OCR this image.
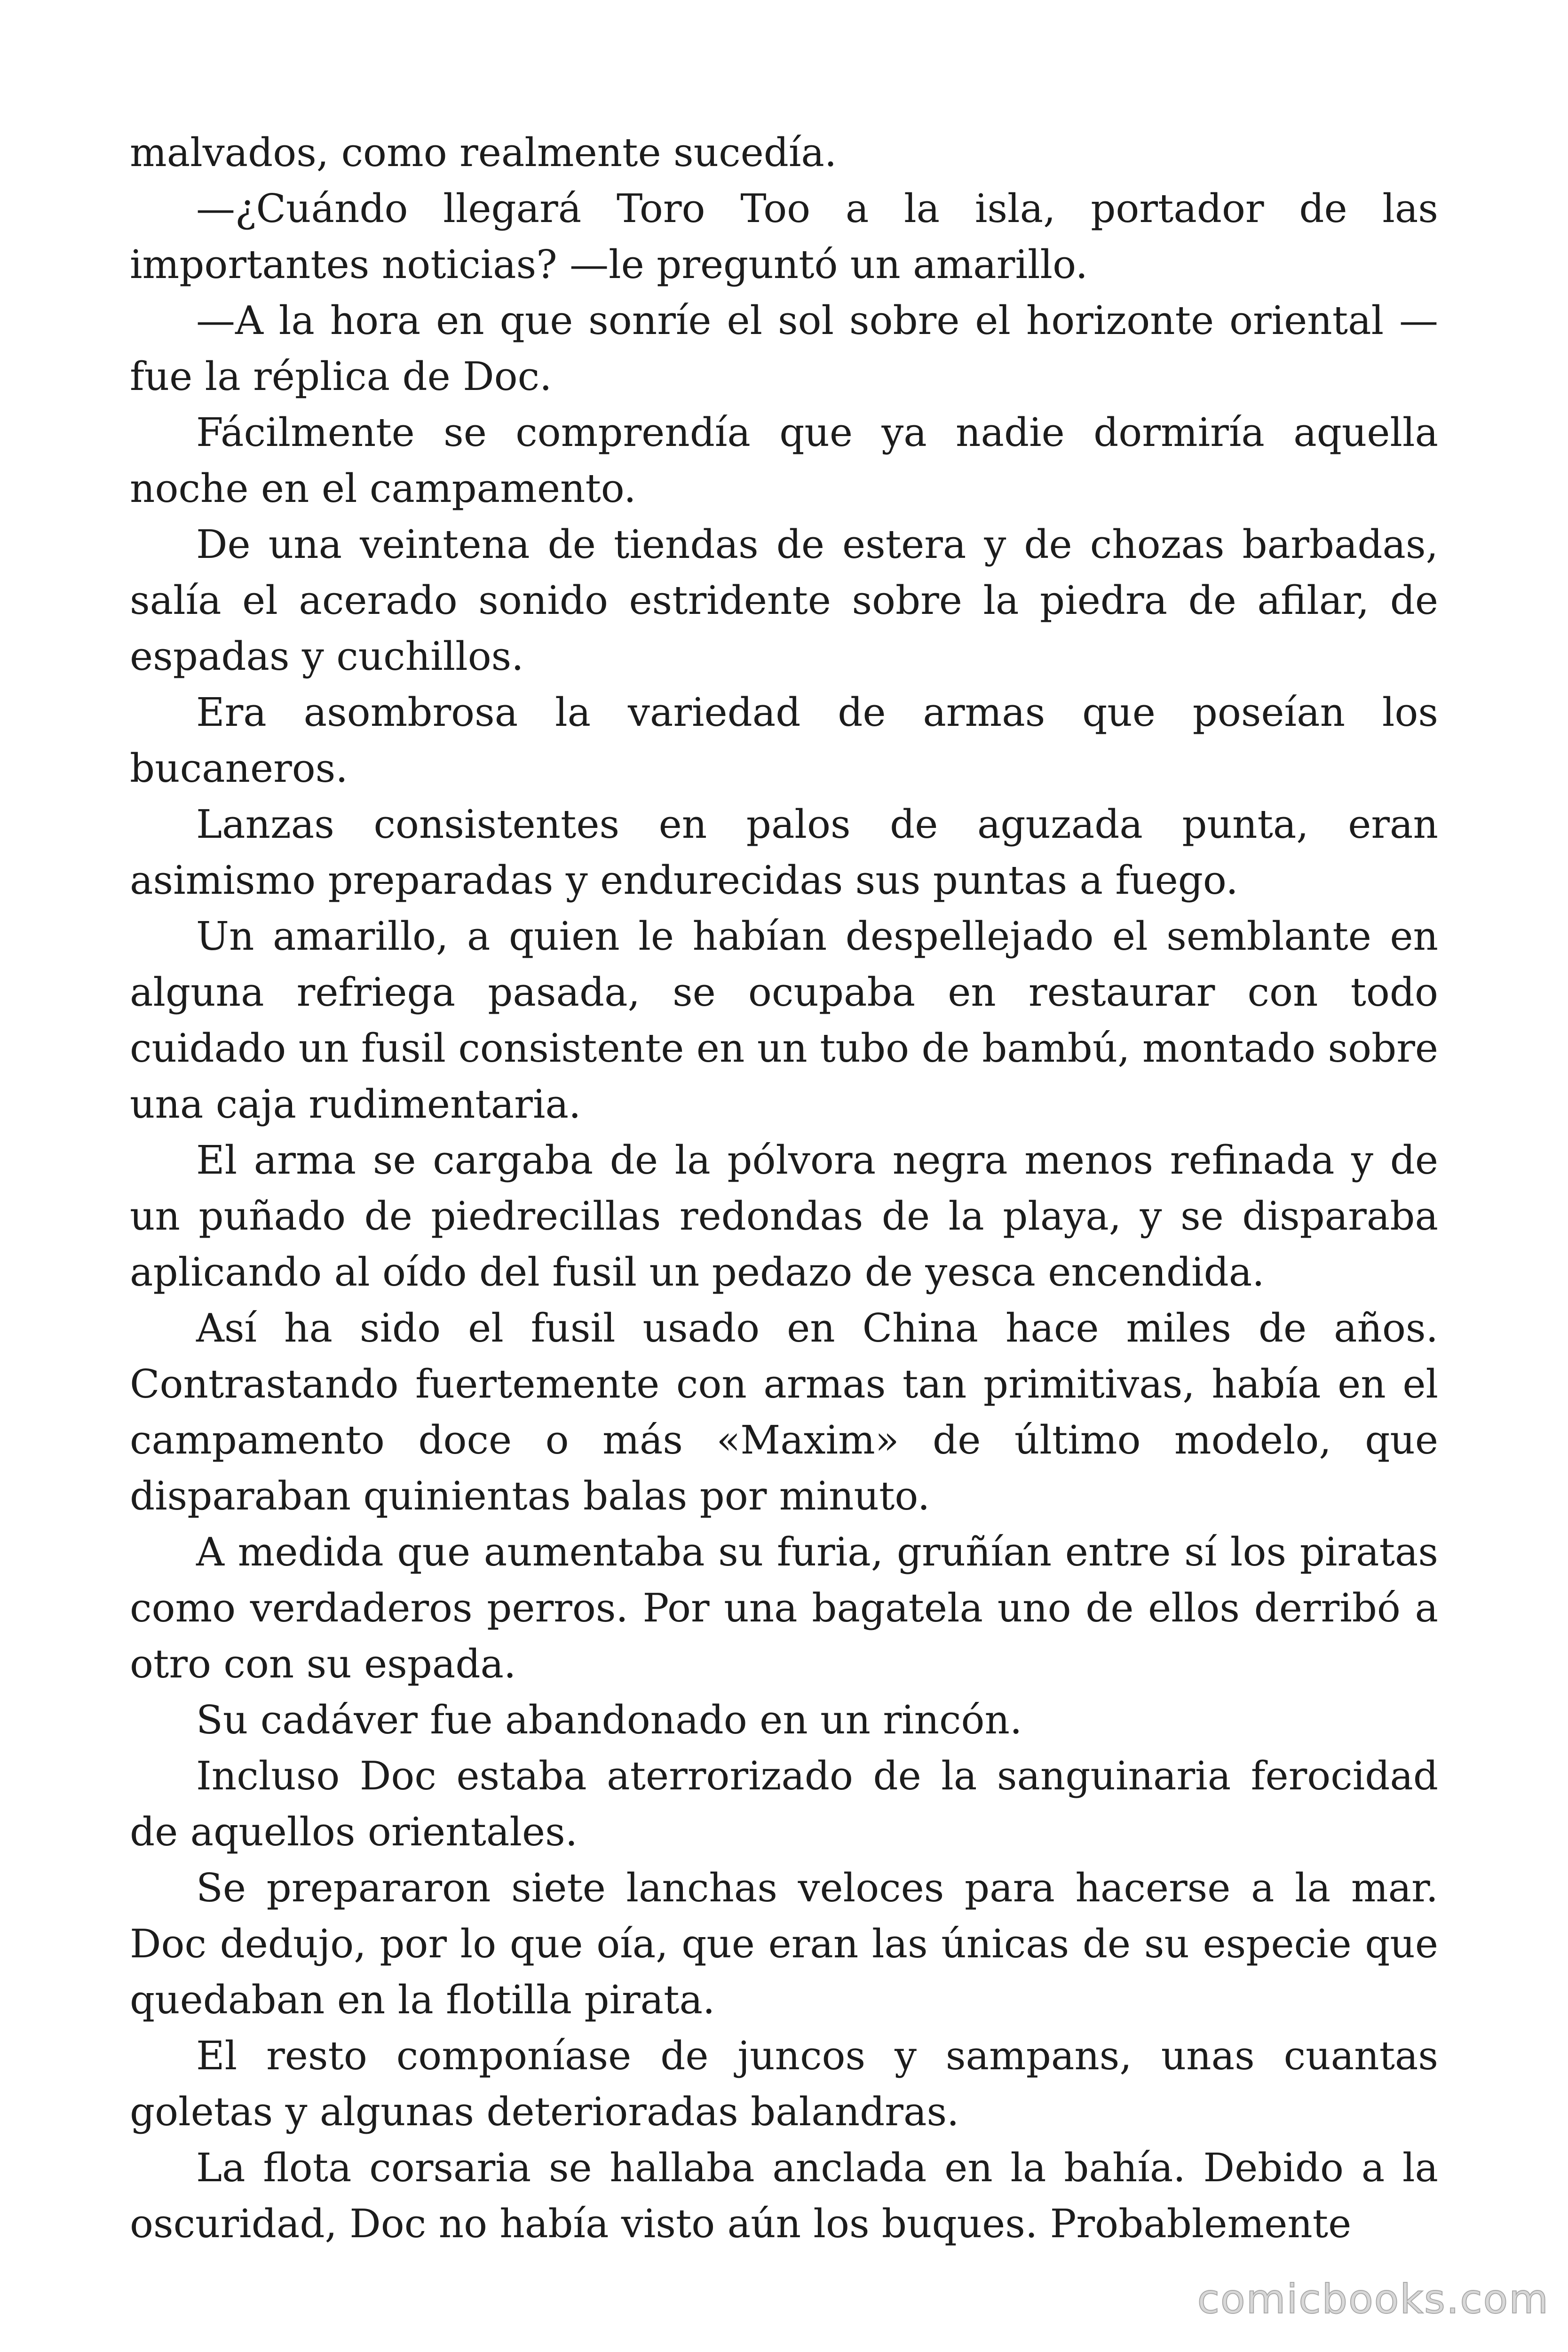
malvados, como realmente sucedía.

—¿Cuándo llegará Toro Too a la isla, portador de las importantes noticias? —le preguntó un amarillo.

—A la hora en que sonríe el sol sobre el horizonte oriental —fue la réplica de Doc.

Fácilmente se comprendía que ya nadie dormiría aquella noche en el campamento.

De una veintena de tiendas de estera y de chozas barbadas, salía el acerado sonido estridente sobre la piedra de afilar, de espadas y cuchillos.

Era asombrosa la variedad de armas que poseían los bucaneros.

Lanzas consistentes en palos de aguzada punta, eran asimismo preparadas y endurecidas sus puntas a fuego.

Un amarillo, a quien le habían despellejado el semblante en alguna refriega pasada, se ocupaba en restaurar con todo cuidado un fusil consistente en un tubo de bambú, montado sobre una caja rudimentaria.

El arma se cargaba de la pólvora negra menos refinada y de un puñado de piedrecillas redondas de la playa, y se disparaba aplicando al oído del fusil un pedazo de yesca encendida.

Así ha sido el fusil usado en China hace miles de años. Contrastando fuertemente con armas tan primitivas, había en el campamento doce o más «Maxim» de último modelo, que disparaban quinientas balas por minuto.

A medida que aumentaba su furia, gruñían entre sí los piratas como verdaderos perros. Por una bagatela uno de ellos derribó a otro con su espada.

Su cadáver fue abandonado en un rincón.

Incluso Doc estaba aterrorizado de la sanguinaria ferocidad de aquellos orientales.

Se prepararon siete lanchas veloces para hacerse a la mar. Doc dedujo, por lo que oía, que eran las únicas de su especie que quedaban en la flotilla pirata.

El resto componíase de juncos y sampans, unas cuantas goletas y algunas deterioradas balandras.

La flota corsaria se hallaba anclada en la bahía. Debido a la oscuridad, Doc no había visto aún los buques. Probablemente

comicbooks.com
